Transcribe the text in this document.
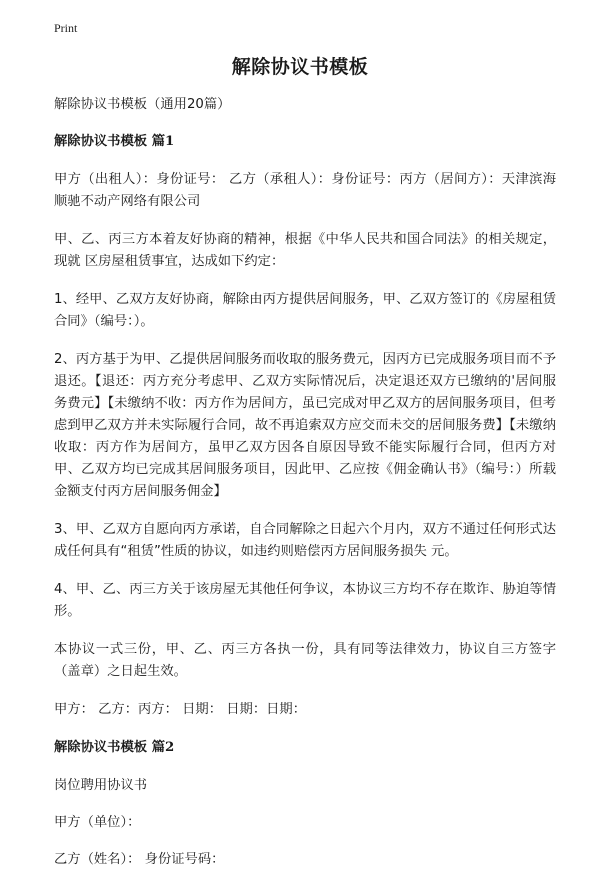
Print
解除协议书模板

解除协议书模板（通用20篇）

解除协议书模板 篇1

甲方（出租人）：身份证号： 乙方（承租人）：身份证号：丙方（居间方）：天津滨海顺驰不动产网络有限公司

甲、乙、丙三方本着友好协商的精神，根据《中华人民共和国合同法》的相关规定，现就 区房屋租赁事宜，达成如下约定：

1、经甲、乙双方友好协商，解除由丙方提供居间服务，甲、乙双方签订的《房屋租赁合同》（编号：）。

2、丙方基于为甲、乙提供居间服务而收取的服务费元，因丙方已完成服务项目而不予退还。【退还：丙方充分考虑甲、乙双方实际情况后，决定退还双方已缴纳的'居间服务费元】【未缴纳不收：丙方作为居间方，虽已完成对甲乙双方的居间服务项目，但考虑到甲乙双方并未实际履行合同，故不再追索双方应交而未交的居间服务费】【未缴纳收取：丙方作为居间方，虽甲乙双方因各自原因导致不能实际履行合同，但丙方对甲、乙双方均已完成其居间服务项目，因此甲、乙应按《佣金确认书》（编号：）所载金额支付丙方居间服务佣金】

3、甲、乙双方自愿向丙方承诺，自合同解除之日起六个月内，双方不通过任何形式达成任何具有“租赁”性质的协议，如违约则赔偿丙方居间服务损失 元。

4、甲、乙、丙三方关于该房屋无其他任何争议，本协议三方均不存在欺诈、胁迫等情形。

本协议一式三份，甲、乙、丙三方各执一份，具有同等法律效力，协议自三方签字（盖章）之日起生效。

甲方： 乙方：丙方： 日期： 日期：日期：

解除协议书模板 篇2

岗位聘用协议书

甲方（单位）：

乙方（姓名）： 身份证号码：
